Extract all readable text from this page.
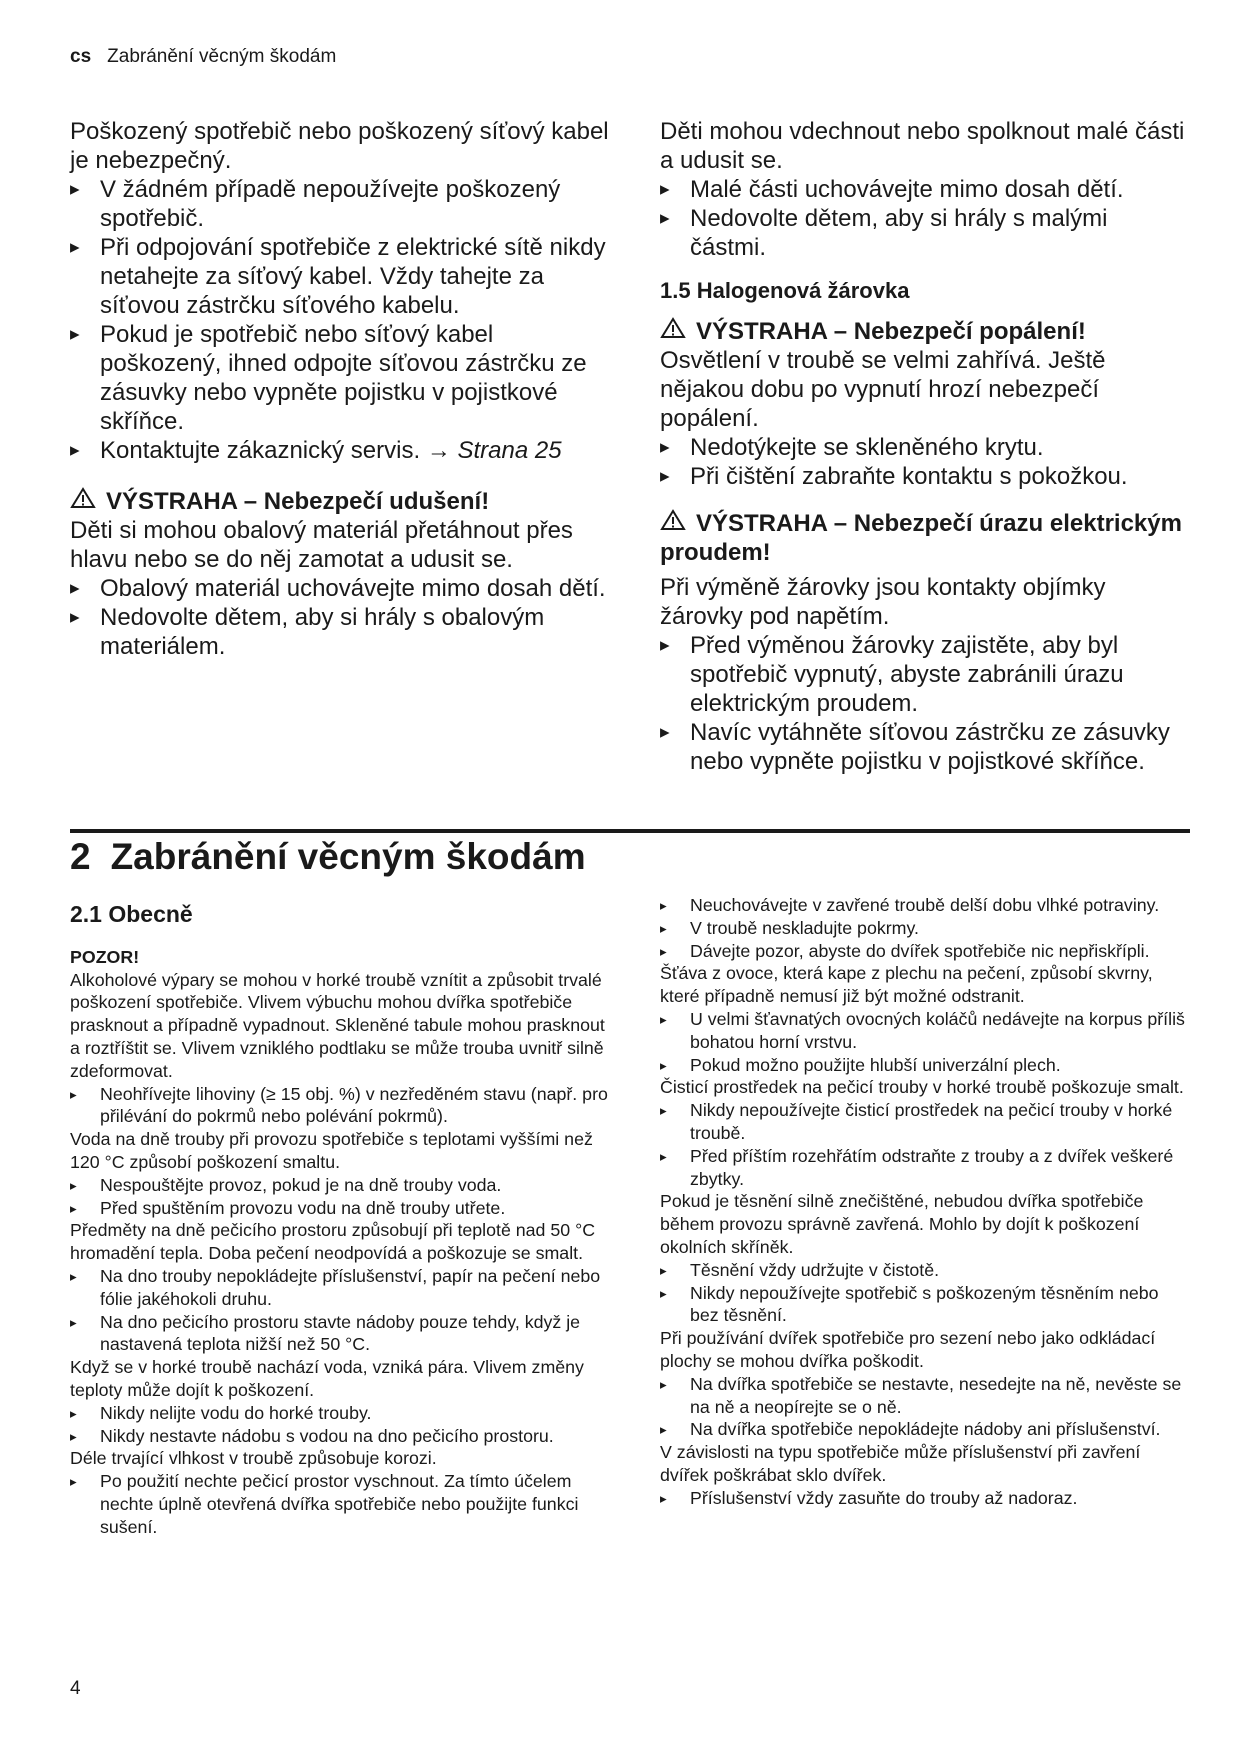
cs Zabránění věcným škodám

Poškozený spotřebič nebo poškozený síťový kabel je nebezpečný.

▸ V žádném případě nepoužívejte poškozený spotřebič.
▸ Při odpojování spotřebiče z elektrické sítě nikdy netahejte za síťový kabel. Vždy tahejte za síťovou zástrčku síťového kabelu.
▸ Pokud je spotřebič nebo síťový kabel poškozený, ihned odpojte síťovou zástrčku ze zásuvky nebo vypněte pojistku v pojistkové skříňce.
▸ Kontaktujte zákaznický servis. → Strana 25
VÝSTRAHA – Nebezpečí udušení!

Děti si mohou obalový materiál přetáhnout přes hlavu nebo se do něj zamotat a udusit se.

▸ Obalový materiál uchovávejte mimo dosah dětí.
▸ Nedovolte dětem, aby si hrály s obalovým materiálem.

Děti mohou vdechnout nebo spolknout malé části a udusit se.

▸ Malé části uchovávejte mimo dosah dětí.
▸ Nedovolte dětem, aby si hrály s malými částmi.
1.5 Halogenová žárovka
VÝSTRAHA – Nebezpečí popálení!

Osvětlení v troubě se velmi zahřívá. Ještě nějakou dobu po vypnutí hrozí nebezpečí popálení.

▸ Nedotýkejte se skleněného krytu.
▸ Při čištění zabraňte kontaktu s pokožkou.
VÝSTRAHA – Nebezpečí úrazu elektrickým proudem!

Při výměně žárovky jsou kontakty objímky žárovky pod napětím.

▸ Před výměnou žárovky zajistěte, aby byl spotřebič vypnutý, abyste zabránili úrazu elektrickým proudem.
▸ Navíc vytáhněte síťovou zástrčku ze zásuvky nebo vypněte pojistku v pojistkové skříňce.
2 Zabránění věcným škodám
2.1 Obecně
POZOR!

Alkoholové výpary se mohou v horké troubě vznítit a způsobit trvalé poškození spotřebiče. Vlivem výbuchu mohou dvířka spotřebiče prasknout a případně vypadnout. Skleněné tabule mohou prasknout a roztříštit se. Vlivem vzniklého podtlaku se může trouba uvnitř silně zdeformovat.

▸ Neohřívejte lihoviny (≥ 15 obj. %) v nezředěném stavu (např. pro přilévání do pokrmů nebo polévání pokrmů).

Voda na dně trouby při provozu spotřebiče s teplotami vyššími než 120 °C způsobí poškození smaltu.

▸ Nespouštějte provoz, pokud je na dně trouby voda.
▸ Před spuštěním provozu vodu na dně trouby utřete.

Předměty na dně pečicího prostoru způsobují při teplotě nad 50 °C hromadění tepla. Doba pečení neodpovídá a poškozuje se smalt.

▸ Na dno trouby nepokládejte příslušenství, papír na pečení nebo fólie jakéhokoli druhu.
▸ Na dno pečicího prostoru stavte nádoby pouze tehdy, když je nastavená teplota nižší než 50 °C.

Když se v horké troubě nachází voda, vzniká pára. Vlivem změny teploty může dojít k poškození.

▸ Nikdy nelijte vodu do horké trouby.
▸ Nikdy nestavte nádobu s vodou na dno pečicího prostoru.

Déle trvající vlhkost v troubě způsobuje korozi.

▸ Po použití nechte pečicí prostor vyschnout. Za tímto účelem nechte úplně otevřená dvířka spotřebiče nebo použijte funkci sušení.
▸ Neuchovávejte v zavřené troubě delší dobu vlhké potraviny.
▸ V troubě neskladujte pokrmy.
▸ Dávejte pozor, abyste do dvířek spotřebiče nic nepřiskřípli.

Šťáva z ovoce, která kape z plechu na pečení, způsobí skvrny, které případně nemusí již být možné odstranit.

▸ U velmi šťavnatých ovocných koláčů nedávejte na korpus příliš bohatou horní vrstvu.
▸ Pokud možno použijte hlubší univerzální plech.

Čisticí prostředek na pečicí trouby v horké troubě poškozuje smalt.

▸ Nikdy nepoužívejte čisticí prostředek na pečicí trouby v horké troubě.
▸ Před příštím rozehřátím odstraňte z trouby a z dvířek veškeré zbytky.

Pokud je těsnění silně znečištěné, nebudou dvířka spotřebiče během provozu správně zavřená. Mohlo by dojít k poškození okolních skříněk.

▸ Těsnění vždy udržujte v čistotě.
▸ Nikdy nepoužívejte spotřebič s poškozeným těsněním nebo bez těsnění.

Při používání dvířek spotřebiče pro sezení nebo jako odkládací plochy se mohou dvířka poškodit.

▸ Na dvířka spotřebiče se nestavte, nesedejte na ně, nevěste se na ně a neopírejte se o ně.
▸ Na dvířka spotřebiče nepokládejte nádoby ani příslušenství.

V závislosti na typu spotřebiče může příslušenství při zavření dvířek poškrábat sklo dvířek.

▸ Příslušenství vždy zasuňte do trouby až nadoraz.
4
